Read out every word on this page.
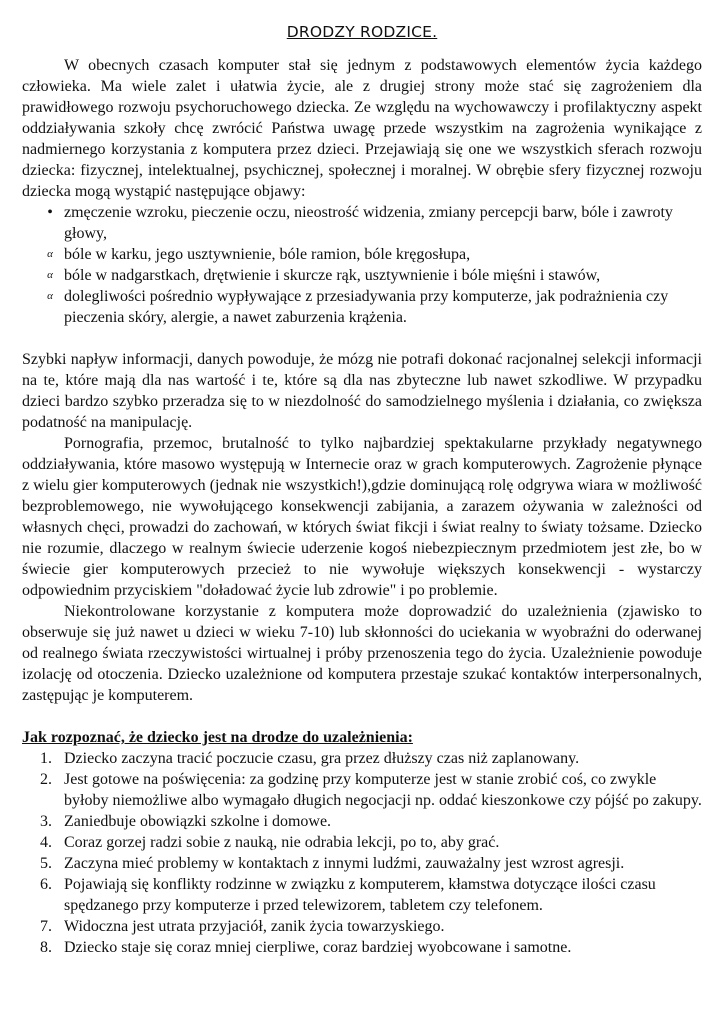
DRODZY RODZICE.

W obecnych czasach komputer stał się jednym z podstawowych elementów życia każdego człowieka. Ma wiele zalet i ułatwia życie, ale z drugiej strony może stać się zagrożeniem dla prawidłowego rozwoju psychoruchowego dziecka. Ze względu na wychowawczy i profilaktyczny aspekt oddziaływania szkoły chcę zwrócić Państwa uwagę przede wszystkim na zagrożenia wynikające z nadmiernego korzystania z komputera przez dzieci. Przejawiają się one we wszystkich sferach rozwoju dziecka: fizycznej, intelektualnej, psychicznej, społecznej i moralnej. W obrębie sfery fizycznej rozwoju dziecka mogą wystąpić następujące objawy:

• zmęczenie wzroku, pieczenie oczu, nieostrość widzenia, zmiany percepcji barw, bóle i zawroty głowy,
α bóle w karku, jego usztywnienie, bóle ramion, bóle kręgosłupa,
α bóle w nadgarstkach, drętwienie i skurcze rąk, usztywnienie i bóle mięśni i stawów,
α dolegliwości pośrednio wypływające z przesiadywania przy komputerze, jak podrażnienia czy pieczenia skóry, alergie, a nawet zaburzenia krążenia.

Szybki napływ informacji, danych powoduje, że mózg nie potrafi dokonać racjonalnej selekcji informacji na te, które mają dla nas wartość i te, które są dla nas zbyteczne lub nawet szkodliwe. W przypadku dzieci bardzo szybko przeradza się to w niezdolność do samodzielnego myślenia i działania, co zwiększa podatność na manipulację.

Pornografia, przemoc, brutalność to tylko najbardziej spektakularne przykłady negatywnego oddziaływania, które masowo występują w Internecie oraz w grach komputerowych. Zagrożenie płynące z wielu gier komputerowych (jednak nie wszystkich!),gdzie dominującą rolę odgrywa wiara w możliwość bezproblemowego, nie wywołującego konsekwencji zabijania, a zarazem ożywania w zależności od własnych chęci, prowadzi do zachowań, w których świat fikcji i świat realny to światy tożsame. Dziecko nie rozumie, dlaczego w realnym świecie uderzenie kogoś niebezpiecznym przedmiotem jest złe, bo w świecie gier komputerowych przecież to nie wywołuje większych konsekwencji - wystarczy odpowiednim przyciskiem "doładować życie lub zdrowie" i po problemie.

Niekontrolowane korzystanie z komputera może doprowadzić do uzależnienia (zjawisko to obserwuje się już nawet u dzieci w wieku 7-10) lub skłonności do uciekania w wyobraźni do oderwanej od realnego świata rzeczywistości wirtualnej i próby przenoszenia tego do życia. Uzależnienie powoduje izolację od otoczenia. Dziecko uzależnione od komputera przestaje szukać kontaktów interpersonalnych, zastępując je komputerem.

Jak rozpoznać, że dziecko jest na drodze do uzależnienia:

1. Dziecko zaczyna tracić poczucie czasu, gra przez dłuższy czas niż zaplanowany.
2. Jest gotowe na poświęcenia: za godzinę przy komputerze jest w stanie zrobić coś, co zwykle byłoby niemożliwe albo wymagało długich negocjacji np. oddać kieszonkowe czy pójść po zakupy.
3. Zaniedbuje obowiązki szkolne i domowe.
4. Coraz gorzej radzi sobie z nauką, nie odrabia lekcji, po to, aby grać.
5. Zaczyna mieć problemy w kontaktach z innymi ludźmi, zauważalny jest wzrost agresji.
6. Pojawiają się konflikty rodzinne w związku z komputerem, kłamstwa dotyczące ilości czasu spędzanego przy komputerze i przed telewizorem, tabletem czy telefonem.
7. Widoczna jest utrata przyjaciół, zanik życia towarzyskiego.
8. Dziecko staje się coraz mniej cierpliwe, coraz bardziej wyobcowane i samotne.
